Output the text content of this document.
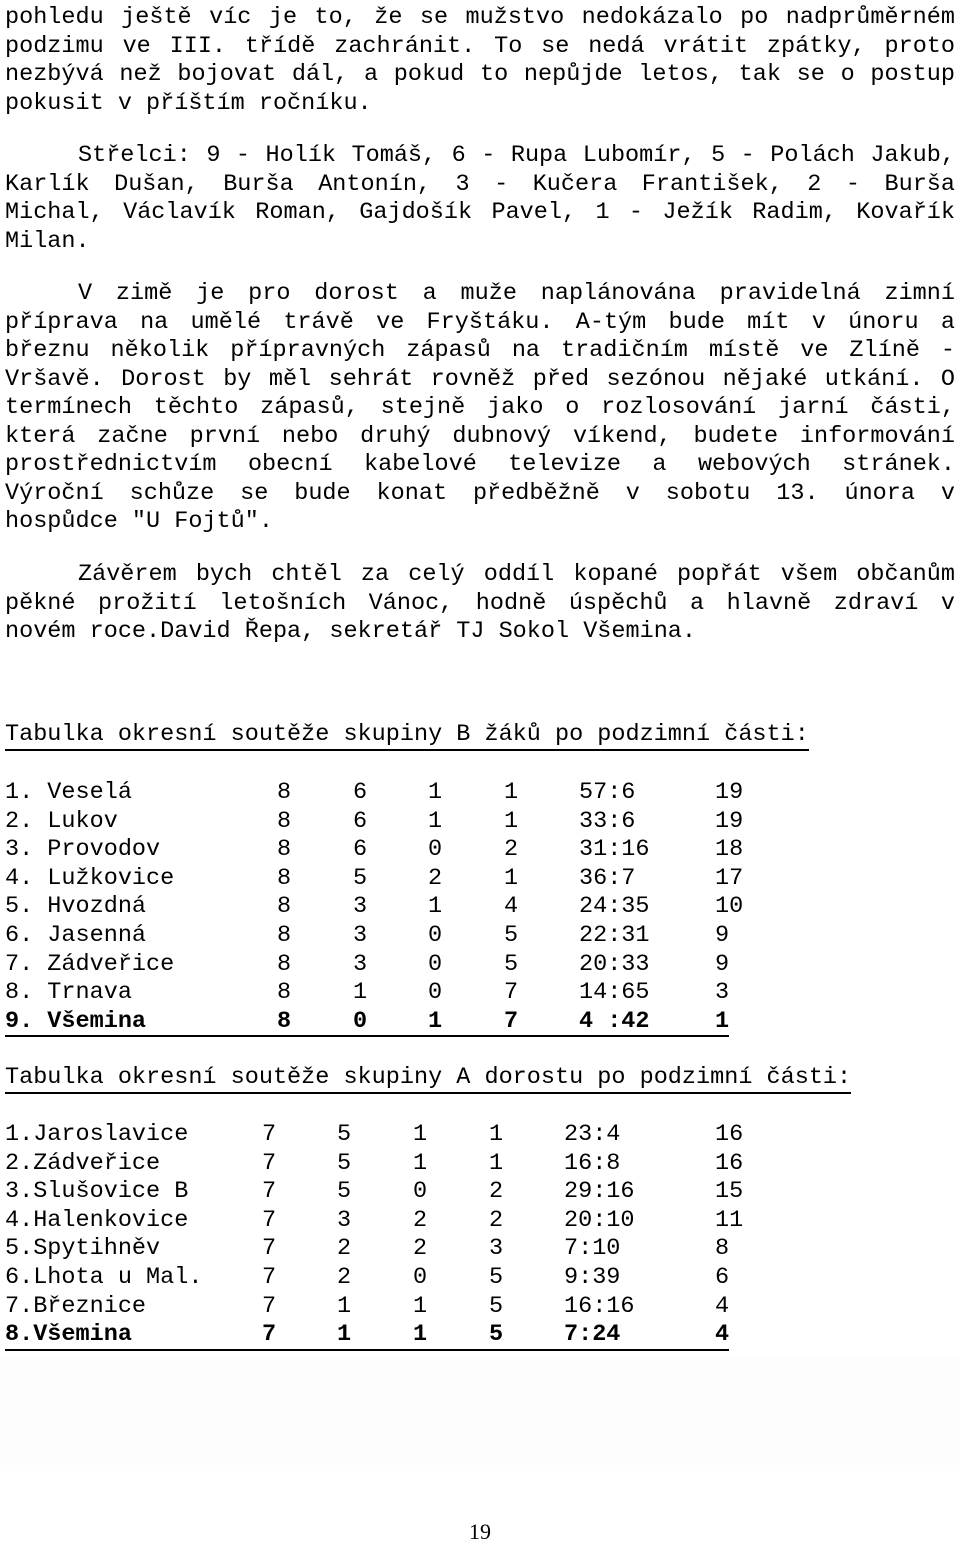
pohledu ještě víc je to, že se mužstvo nedokázalo po nadprůměrném podzimu ve III. třídě zachránit. To se nedá vrátit zpátky, proto nezbývá než bojovat dál, a pokud to nepůjde letos, tak se o postup pokusit v příštím ročníku.

Střelci: 9 - Holík Tomáš, 6 - Rupa Lubomír, 5 - Polách Jakub, Karlík Dušan, Burša Antonín, 3 - Kučera František, 2 - Burša Michal, Václavík Roman, Gajdošík Pavel, 1 - Ježík Radim, Kovařík Milan.

V zimě je pro dorost a muže naplánována pravidelná zimní příprava na umělé trávě ve Fryštáku. A-tým bude mít v únoru a březnu několik přípravných zápasů na tradičním místě ve Zlíně - Vršavě. Dorost by měl sehrát rovněž před sezónou nějaké utkání. O termínech těchto zápasů, stejně jako o rozlosování jarní části, která začne první nebo druhý dubnový víkend, budete informování prostřednictvím obecní kabelové televize a webových stránek. Výroční schůze se bude konat předběžně v sobotu 13. února v hospůdce "U Fojtů".

Závěrem bych chtěl za celý oddíl kopané popřát všem občanům pěkné prožití letošních Vánoc, hodně úspěchů a hlavně zdraví v novém roce.David Řepa, sekretář TJ Sokol Všemina.

Tabulka okresní soutěže skupiny B žáků po podzimní části:
1. Veselá	8	6	1	1	57:6	19
2. Lukov	8	6	1	1	33:6	19
3. Provodov	8	6	0	2	31:16	18
4. Lužkovice	8	5	2	1	36:7	17
5. Hvozdná	8	3	1	4	24:35	10
6. Jasenná	8	3	0	5	22:31	9
7. Zádveřice	8	3	0	5	20:33	9
8. Trnava	8	1	0	7	14:65	3
9. Všemina	8	0	1	7	4 :42	1
Tabulka okresní soutěže skupiny A dorostu po podzimní části:
1.Jaroslavice	7	5	1	1	23:4	16
2.Zádveřice	7	5	1	1	16:8	16
3.Slušovice B	7	5	0	2	29:16	15
4.Halenkovice	7	3	2	2	20:10	11
5.Spytihněv	7	2	2	3	7:10	8
6.Lhota u Mal.	7	2	0	5	9:39	6
7.Březnice	7	1	1	5	16:16	4
8.Všemina	7	1	1	5	7:24	4
19
